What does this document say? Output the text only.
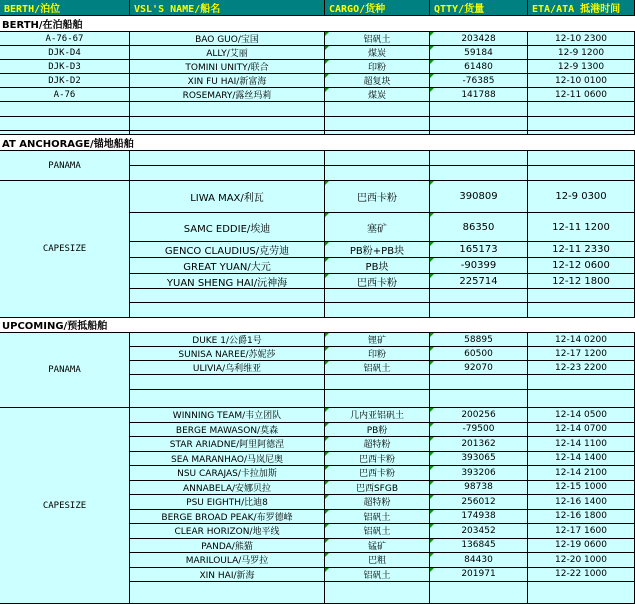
BERTH/泊位	VSL'S NAME/船名	CARGO/货种	QTTY/货量	ETA/ATA 抵港时间
BERTH/在泊船舶
AT ANCHORAGE/锚地船舶
UPCOMING/预抵船舶
A-76-67	BAO GUO/宝国	铝矾土	203428	12-10 2300
DJK-D4	ALLY/艾丽	煤炭	59184	12-9 1200
DJK-D3	TOMINI UNITY/联合	印粉	61480	12-9 1300
DJK-D2	XIN FU HAI/新富海	超复块	-76385	12-10 0100
A-76	ROSEMARY/露丝玛莉	煤炭	141788	12-11 0600
PANAMA
CAPESIZE
LIWA MAX/利瓦	巴西卡粉	390809	12-9 0300
SAMC EDDIE/埃迪	塞矿	86350	12-11 1200
GENCO CLAUDIUS/克劳迪	PB粉+PB块	165173	12-11 2330
GREAT YUAN/大元	PB块	-90399	12-12 0600
YUAN SHENG HAI/沅神海	巴西卡粉	225714	12-12 1800
PANAMA
DUKE 1/公爵1号	锂矿	58895	12-14 0200
SUNISA NAREE/苏妮莎	印粉	60500	12-17 1200
ULIVIA/乌利维亚	铝矾土	92070	12-23 2200
CAPESIZE
WINNING TEAM/韦立团队	几内亚铝矾土	200256	12-14 0500
BERGE MAWASON/莫森	PB粉	-79500	12-14 0700
STAR ARIADNE/阿里阿德涅	超特粉	201362	12-14 1100
SEA MARANHAO/马岚尼奥	巴西卡粉	393065	12-14 1400
NSU CARAJAS/卡拉加斯	巴西卡粉	393206	12-14 2100
ANNABELA/安娜贝拉	巴西SFGB	98738	12-15 1000
PSU EIGHTH/比迪8	超特粉	256012	12-16 1400
BERGE BROAD PEAK/布罗德峰	铝矾土	174938	12-16 1800
CLEAR HORIZON/地平线	铝矾土	203452	12-17 1600
PANDA/熊猫	锰矿	136845	12-19 0600
MARILOULA/马罗拉	巴粗	84430	12-20 1000
XIN HAI/新海	铝矾土	201971	12-22 1000
